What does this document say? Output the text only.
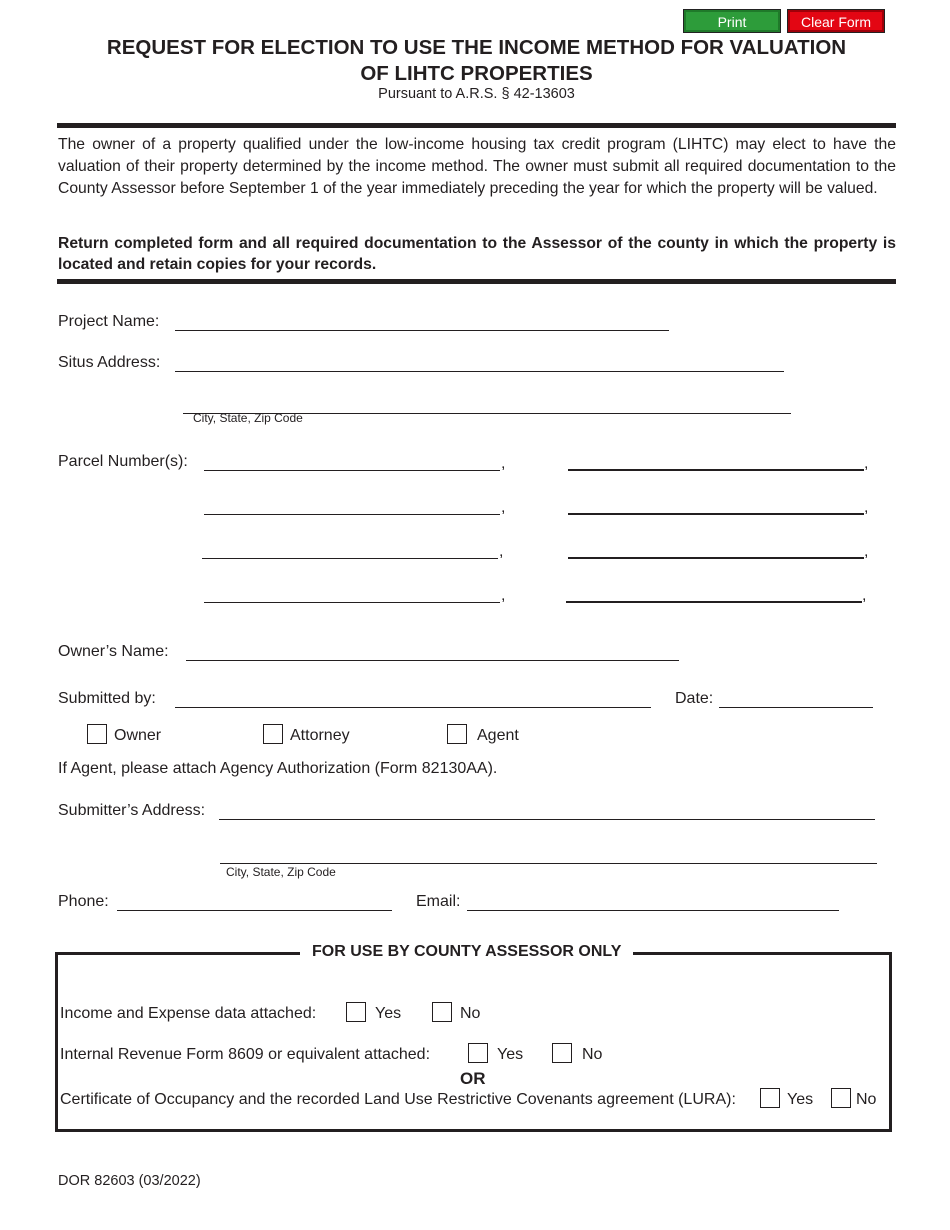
Print	Clear Form
REQUEST FOR ELECTION TO USE THE INCOME METHOD FOR VALUATION
OF LIHTC PROPERTIES
Pursuant to A.R.S. § 42-13603
The owner of a property qualified under the low-income housing tax credit program (LIHTC) may elect to have the valuation of their property determined by the income method. The owner must submit all required documentation to the County Assessor before September 1 of the year immediately preceding the year for which the property will be valued.
Return completed form and all required documentation to the Assessor of the county in which the property is located and retain copies for your records.
Project Name:
Situs Address:
City, State, Zip Code
Parcel Number(s):	,	,
,	,
,	,
,	,
Owner’s Name:
Submitted by:	Date:
Owner	Attorney	Agent
If Agent, please attach Agency Authorization (Form 82130AA).
Submitter’s Address:
City, State, Zip Code
Phone:	Email:
FOR USE BY COUNTY ASSESSOR ONLY
Income and Expense data attached:	Yes	No
Internal Revenue Form 8609 or equivalent attached:	Yes	No
OR
Certificate of Occupancy and the recorded Land Use Restrictive Covenants agreement (LURA):	Yes	No
DOR 82603 (03/2022)
